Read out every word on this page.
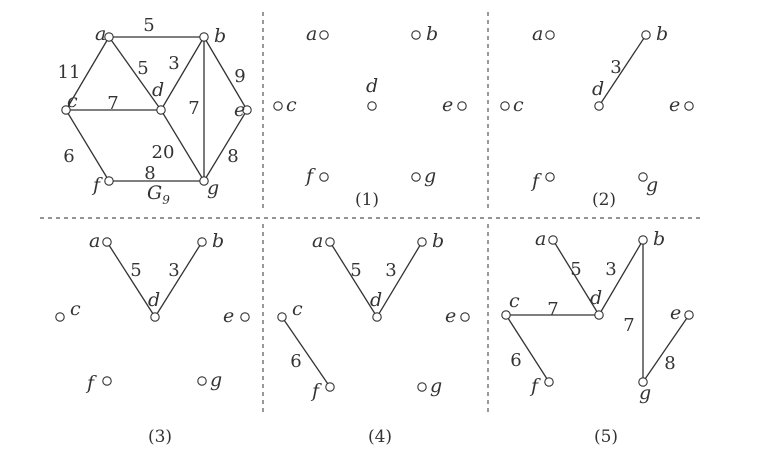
(1)	(2)
(3)	(4)	(5)
$G_9$
5
11	5 3
9
7
7
6	20	8
8
a	b
c	d
e
f	g
a	b
c
d
e
f	g
3
a	b
c
d
e
f	g
5 3
a	b
c	d
e
f	g
5 3
6
a	b
c	d
e
f	g
5 3
6
7
7
8
a	b
c	d
e
f	g
